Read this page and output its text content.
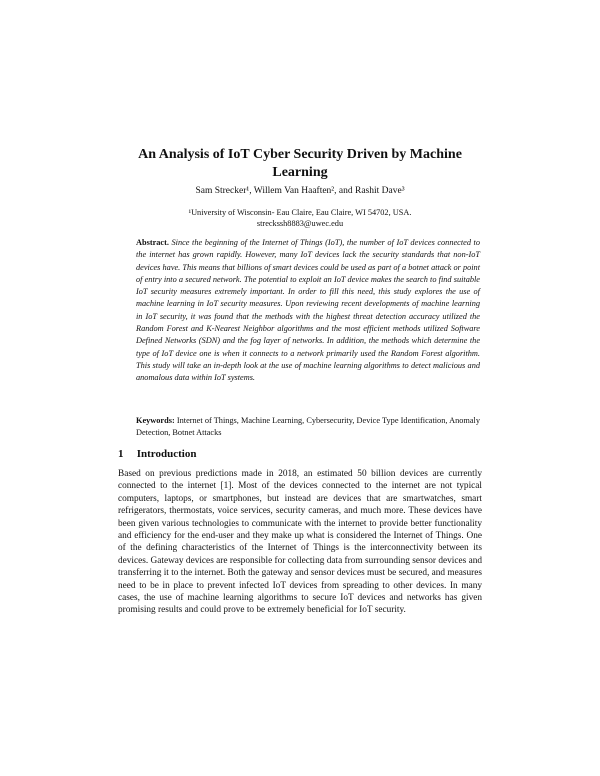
An Analysis of IoT Cyber Security Driven by Machine Learning
Sam Strecker¹, Willem Van Haaften², and Rashit Dave³
¹University of Wisconsin- Eau Claire, Eau Claire, WI 54702, USA.
streckssh8883@uwec.edu
Abstract. Since the beginning of the Internet of Things (IoT), the number of IoT devices connected to the internet has grown rapidly. However, many IoT devices lack the security standards that non-IoT devices have. This means that billions of smart devices could be used as part of a botnet attack or point of entry into a secured network. The potential to exploit an IoT device makes the search to find suitable IoT security measures extremely important. In order to fill this need, this study explores the use of machine learning in IoT security measures. Upon reviewing recent developments of machine learning in IoT security, it was found that the methods with the highest threat detection accuracy utilized the Random Forest and K-Nearest Neighbor algorithms and the most efficient methods utilized Software Defined Networks (SDN) and the fog layer of networks. In addition, the methods which determine the type of IoT device one is when it connects to a network primarily used the Random Forest algorithm. This study will take an in-depth look at the use of machine learning algorithms to detect malicious and anomalous data within IoT systems.
Keywords: Internet of Things, Machine Learning, Cybersecurity, Device Type Identification, Anomaly Detection, Botnet Attacks
1 Introduction
Based on previous predictions made in 2018, an estimated 50 billion devices are currently connected to the internet [1]. Most of the devices connected to the internet are not typical computers, laptops, or smartphones, but instead are devices that are smartwatches, smart refrigerators, thermostats, voice services, security cameras, and much more. These devices have been given various technologies to communicate with the internet to provide better functionality and efficiency for the end-user and they make up what is considered the Internet of Things. One of the defining characteristics of the Internet of Things is the interconnectivity between its devices. Gateway devices are responsible for collecting data from surrounding sensor devices and transferring it to the internet. Both the gateway and sensor devices must be secured, and measures need to be in place to prevent infected IoT devices from spreading to other devices. In many cases, the use of machine learning algorithms to secure IoT devices and networks has given promising results and could prove to be extremely beneficial for IoT security.
